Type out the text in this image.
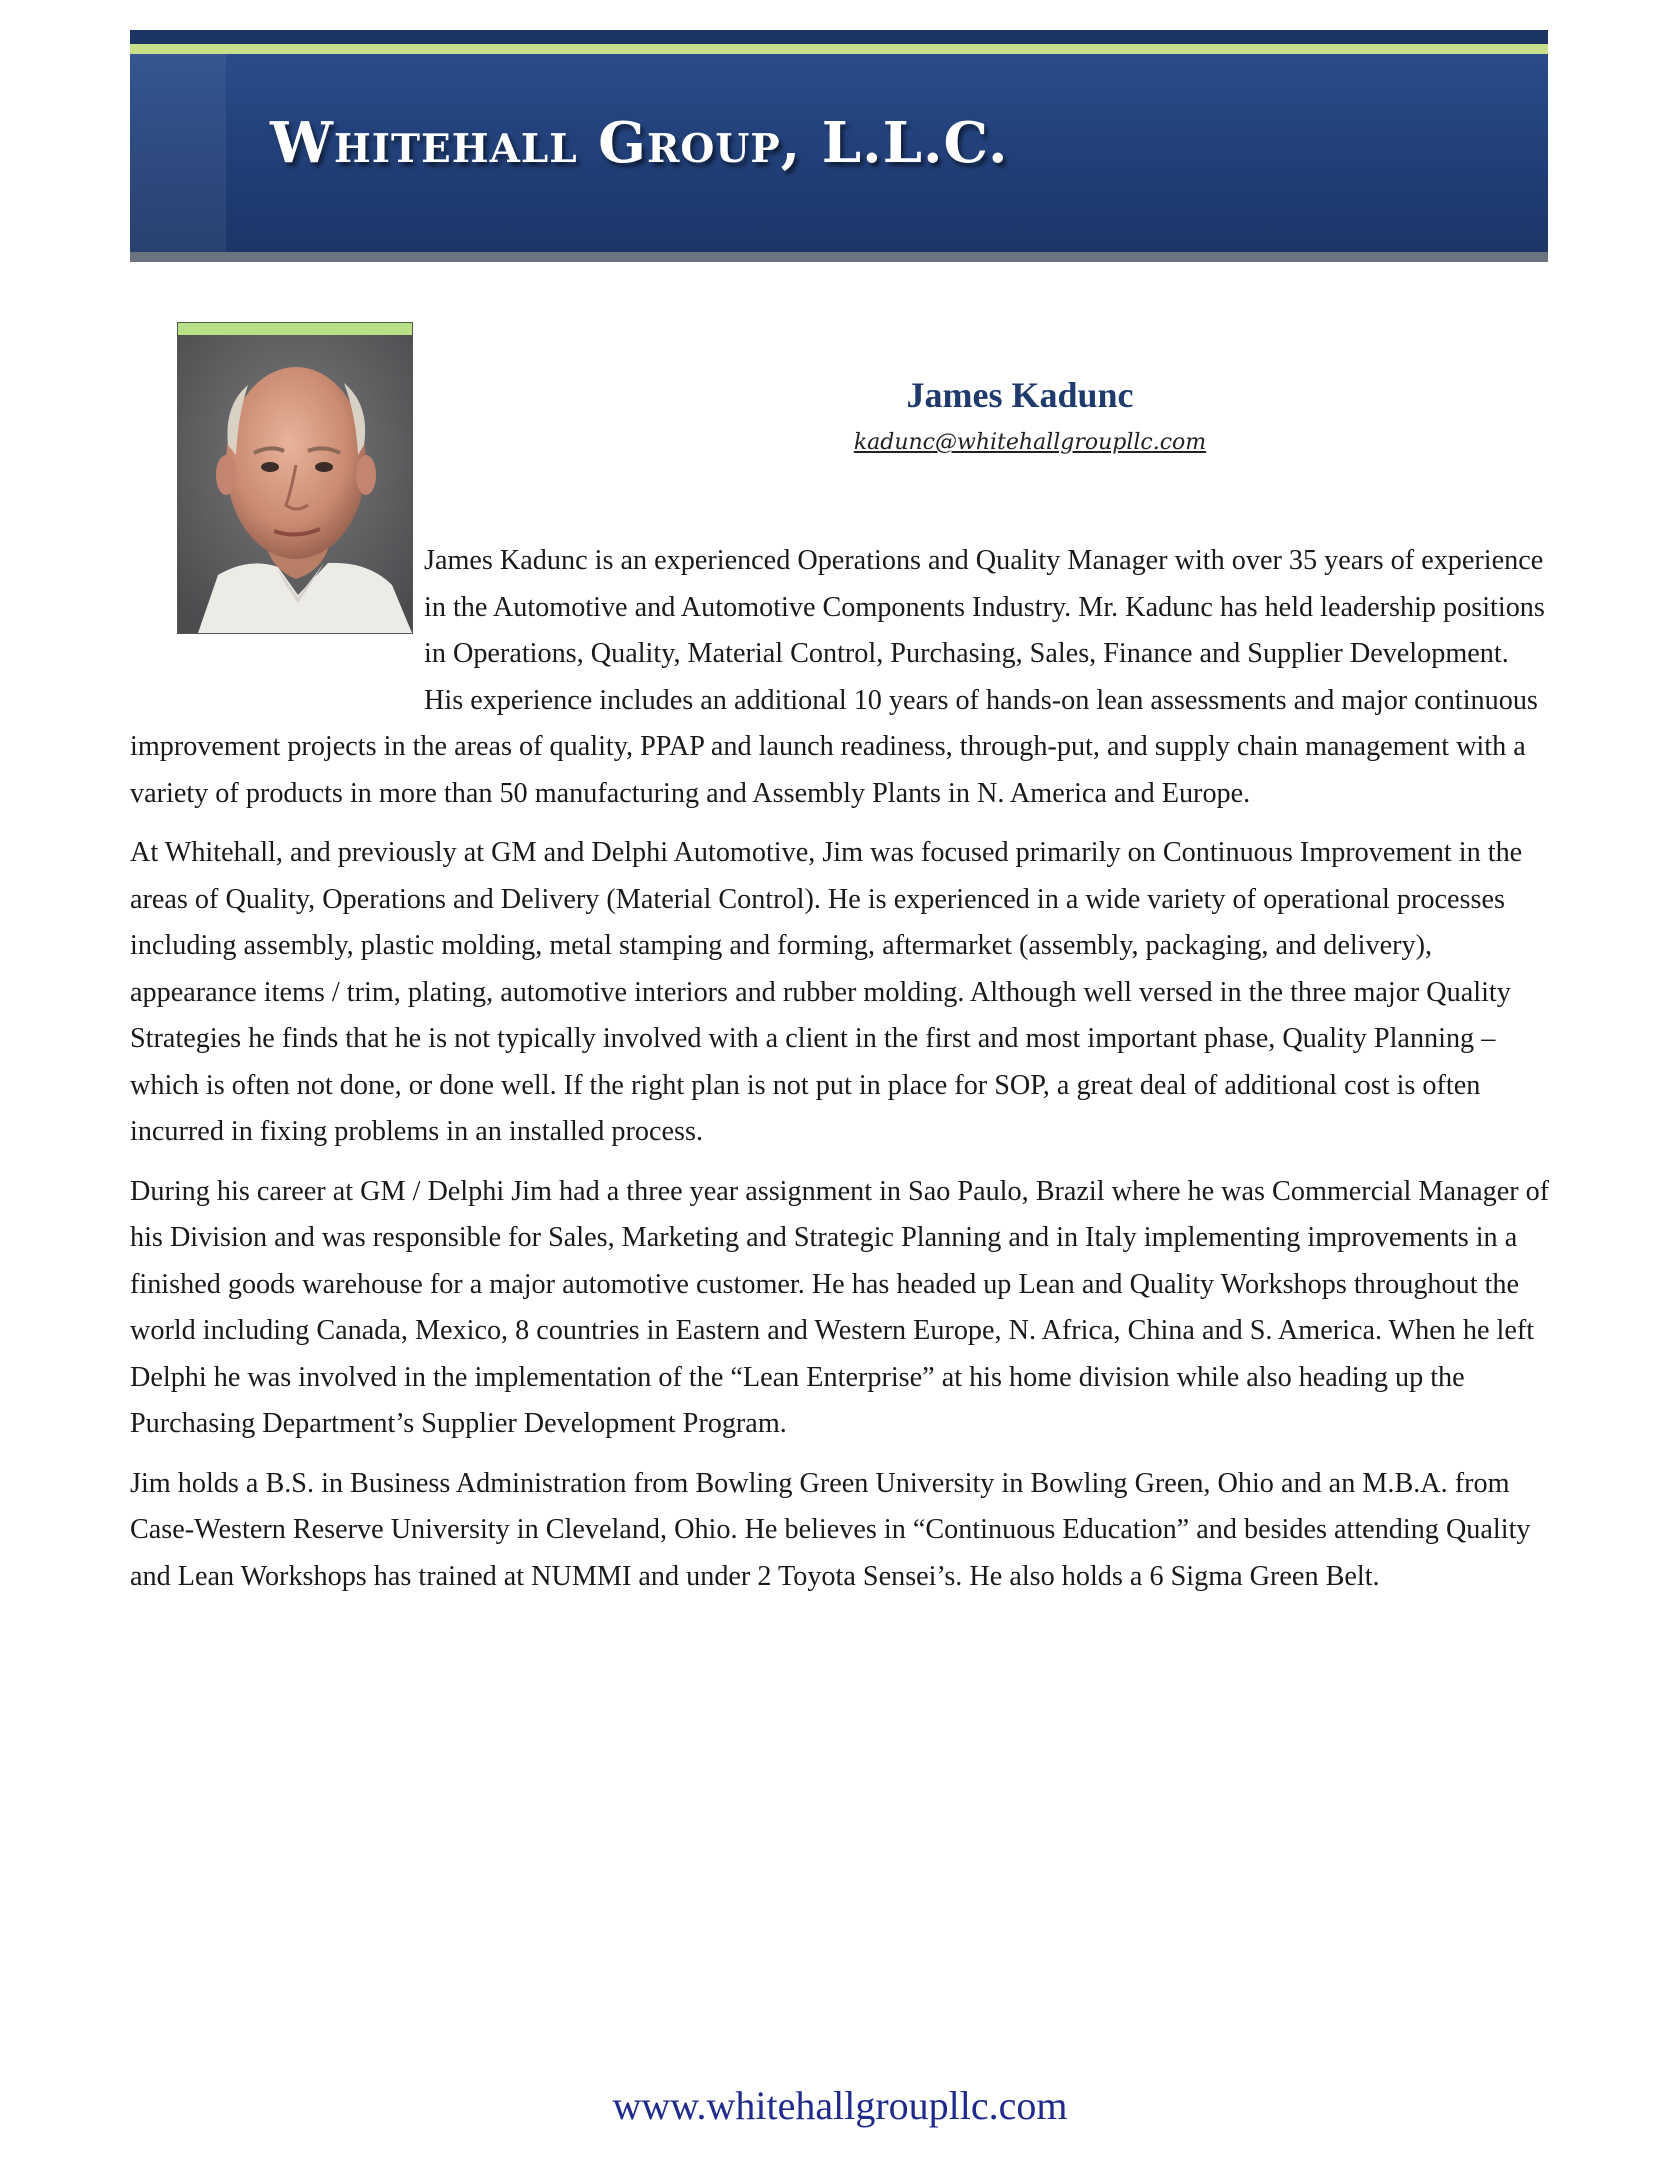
Whitehall Group, L.L.C.
James Kadunc
kadunc@whitehallgroupllc.com

James Kadunc is an experienced Operations and Quality Manager with over 35 years of experience in the Automotive and Automotive Components Industry. Mr. Kadunc has held leadership positions in Operations, Quality, Material Control, Purchasing, Sales, Finance and Supplier Development. His experience includes an additional 10 years of hands-on lean assessments and major continuous improvement projects in the areas of quality, PPAP and launch readiness, through-put, and supply chain management with a variety of products in more than 50 manufacturing and Assembly Plants in N. America and Europe.

At Whitehall, and previously at GM and Delphi Automotive, Jim was focused primarily on Continuous Improvement in the areas of Quality, Operations and Delivery (Material Control). He is experienced in a wide variety of operational processes including assembly, plastic molding, metal stamping and forming, aftermarket (assembly, packaging, and delivery), appearance items / trim, plating, automotive interiors and rubber molding. Although well versed in the three major Quality Strategies he finds that he is not typically involved with a client in the first and most important phase, Quality Planning – which is often not done, or done well. If the right plan is not put in place for SOP, a great deal of additional cost is often incurred in fixing problems in an installed process.

During his career at GM / Delphi Jim had a three year assignment in Sao Paulo, Brazil where he was Commercial Manager of his Division and was responsible for Sales, Marketing and Strategic Planning and in Italy implementing improvements in a finished goods warehouse for a major automotive customer. He has headed up Lean and Quality Workshops throughout the world including Canada, Mexico, 8 countries in Eastern and Western Europe, N. Africa, China and S. America. When he left Delphi he was involved in the implementation of the “Lean Enterprise” at his home division while also heading up the Purchasing Department’s Supplier Development Program.

Jim holds a B.S. in Business Administration from Bowling Green University in Bowling Green, Ohio and an M.B.A. from Case-Western Reserve University in Cleveland, Ohio. He believes in “Continuous Education” and besides attending Quality and Lean Workshops has trained at NUMMI and under 2 Toyota Sensei’s. He also holds a 6 Sigma Green Belt.

www.whitehallgroupllc.com
